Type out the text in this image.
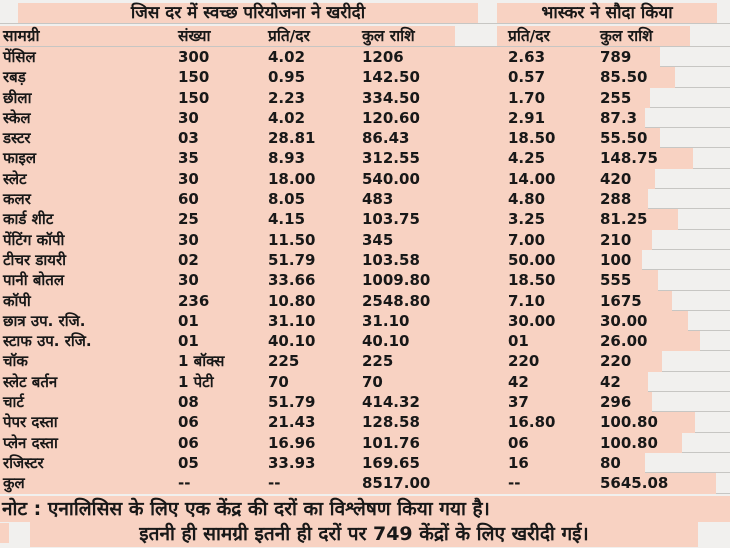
जिस दर में स्वच्छ परियोजना ने खरीदी	भास्कर ने सौदा किया
सामग्री	संख्या	प्रति/दर	कुल राशि	प्रति/दर	कुल राशि
पेंसिल	300	4.02	1206	2.63	789
रबड़	150	0.95	142.50	0.57	85.50
छीला	150	2.23	334.50	1.70	255
स्केल	30	4.02	120.60	2.91	87.3
डस्टर	03	28.81	86.43	18.50	55.50
फाइल	35	8.93	312.55	4.25	148.75
स्लेट	30	18.00	540.00	14.00	420
कलर	60	8.05	483	4.80	288
कार्ड शीट	25	4.15	103.75	3.25	81.25
पेंटिंग कॉपी	30	11.50	345	7.00	210
टीचर डायरी	02	51.79	103.58	50.00	100
पानी बोतल	30	33.66	1009.80	18.50	555
कॉपी	236	10.80	2548.80	7.10	1675
छात्र उप. रजि.	01	31.10	31.10	30.00	30.00
स्टाफ उप. रजि.	01	40.10	40.10	01	26.00
चॉक	1 बॉक्स	225	225	220	220
स्लेट बर्तन	1 पेटी	70	70	42	42
चार्ट	08	51.79	414.32	37	296
पेपर दस्ता	06	21.43	128.58	16.80	100.80
प्लेन दस्ता	06	16.96	101.76	06	100.80
रजिस्टर	05	33.93	169.65	16	80
कुल	--	--	8517.00	--	5645.08
नोट : एनालिसिस के लिए एक केंद्र की दरों का विश्लेषण किया गया है।
इतनी ही सामग्री इतनी ही दरों पर 749 केंद्रों के लिए खरीदी गई।
